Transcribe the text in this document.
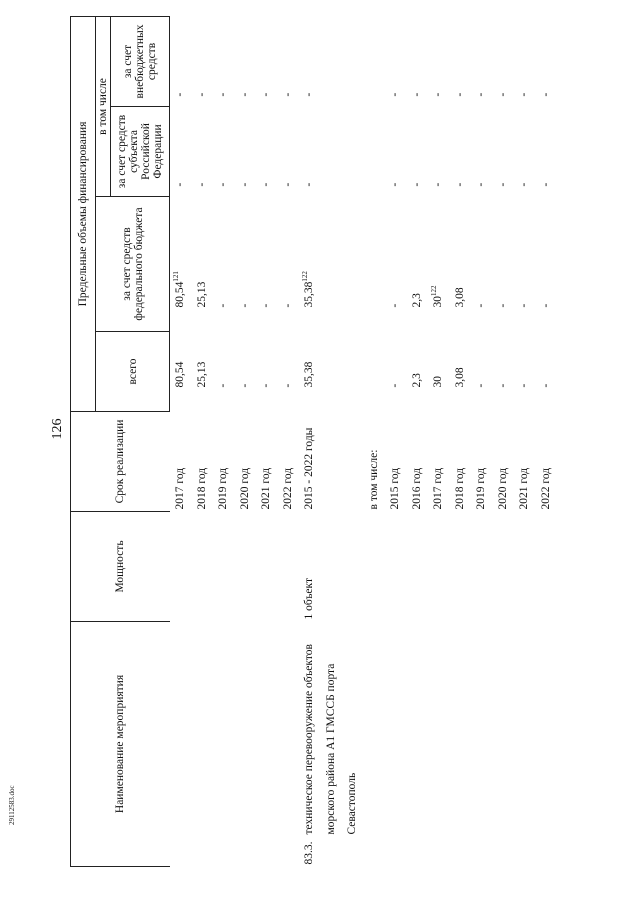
126
Наименование мероприятия		Мощность	Срок реализации	Предельные объемы финансирования			
				всего	за счет средств федерального бюджета	в том числе	
						за счет средств субъекта Российской Федерации	за счет внебюджетных средств
			2017 год	80,54	80,54$^{121}$	-	-
			2018 год	25,13	25,13	-	-
			2019 год	-	-	-	-
			2020 год	-	-	-	-
			2021 год	-	-	-	-
			2022 год	-	-	-	-
83.3.	техническое перевооружение объектов морского района А1 ГМССБ порта Севастополь	1 объект	2015 - 2022 годы	35,38	35,38$^{122}$	-	-
			в том числе:				
			2015 год	-	-	-	-
			2016 год	2,3	2,3	-	-
			2017 год	30	$30^{122}$	-	-
			2018 год	3,08	3,08	-	-
			2019 год	-	-	-	-
			2020 год	-	-	-	-
			2021 год	-	-	-	-
			2022 год	-	-	-	-
29112583.doc
